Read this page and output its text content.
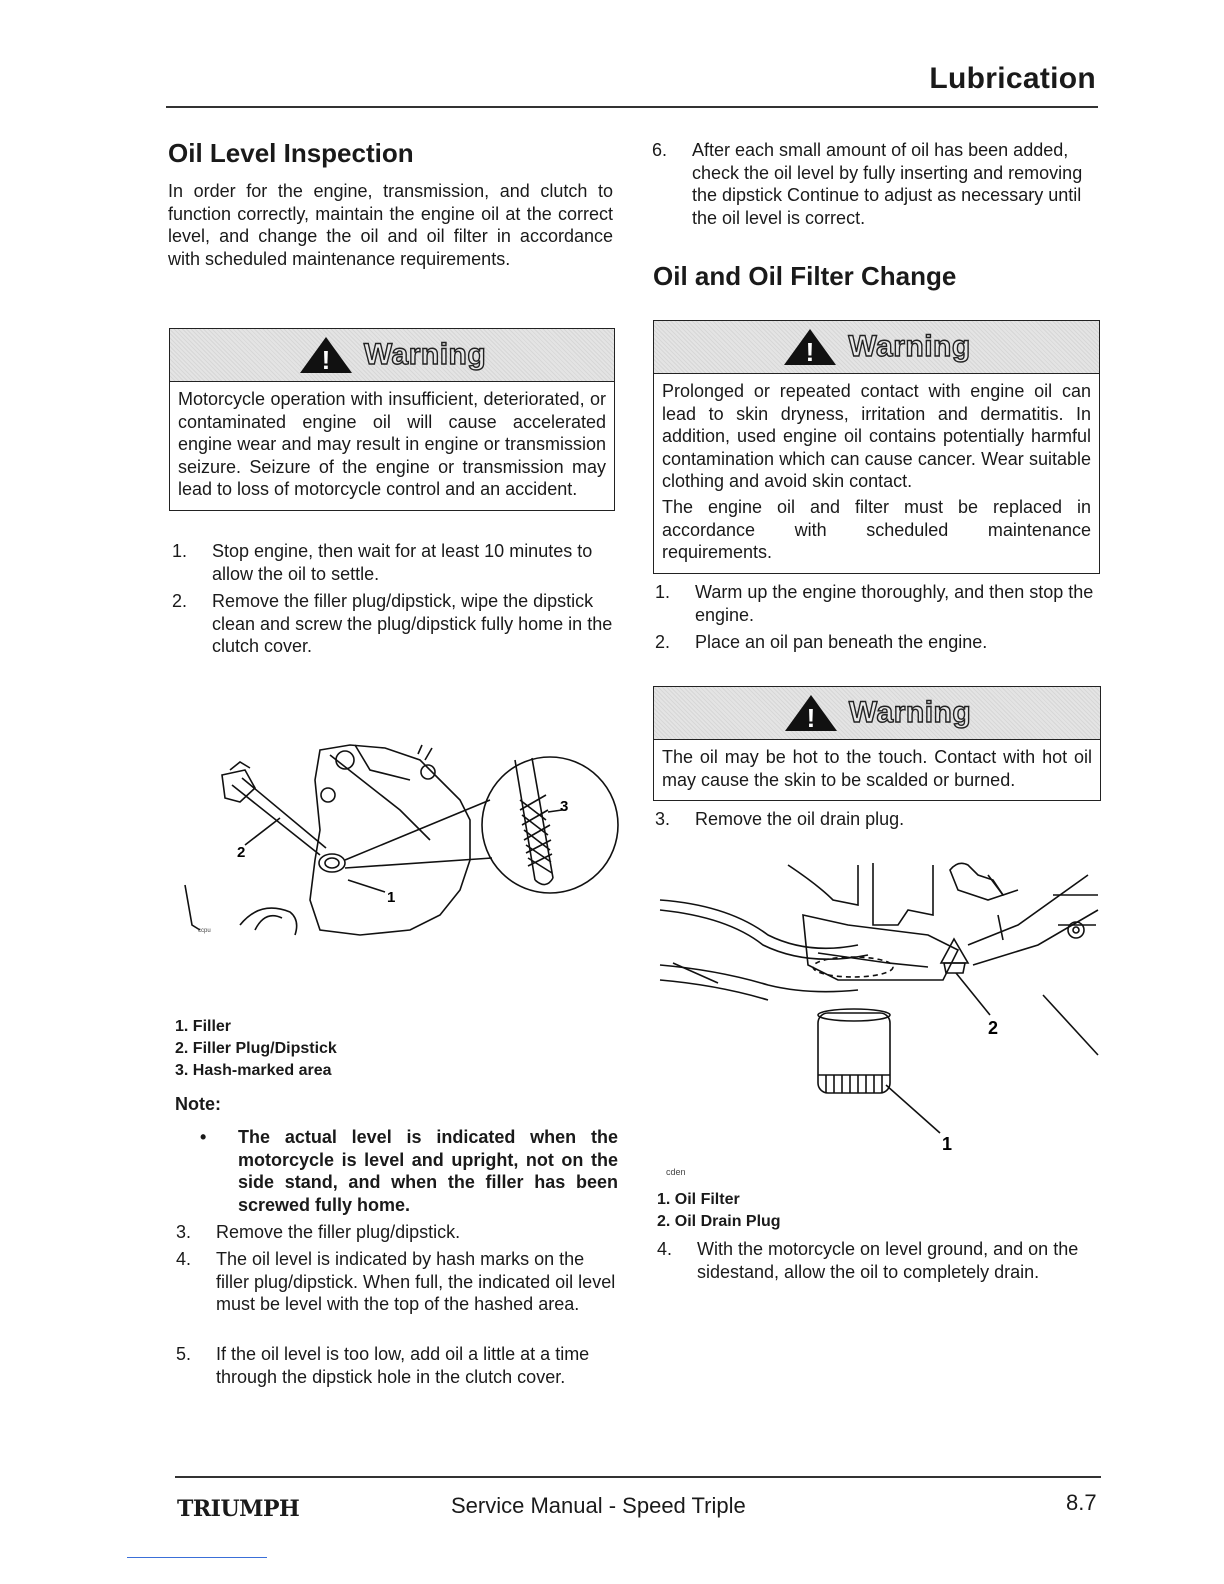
Lubrication
Oil Level Inspection

In order for the engine, transmission, and clutch to function correctly, maintain the engine oil at the correct level, and change the oil and oil filter in accordance with scheduled maintenance requirements.

! Warning

Motorcycle operation with insufficient, deteriorated, or contaminated engine oil will cause accelerated engine wear and may result in engine or transmission seizure. Seizure of the engine or transmission may lead to loss of motorcycle control and an accident.

1. Stop engine, then wait for at least 10 minutes to allow the oil to settle.
2. Remove the filler plug/dipstick, wipe the dipstick clean and screw the plug/dipstick fully home in the clutch cover.
2
1
3
ccpu
1. Filler
2. Filler Plug/Dipstick
3. Hash-marked area
Note:
• The actual level is indicated when the motorcycle is level and upright, not on the side stand, and when the filler has been screwed fully home.
3. Remove the filler plug/dipstick.
4. The oil level is indicated by hash marks on the filler plug/dipstick. When full, the indicated oil level must be level with the top of the hashed area.
5. If the oil level is too low, add oil a little at a time through the dipstick hole in the clutch cover.
6. After each small amount of oil has been added, check the oil level by fully inserting and removing the dipstick Continue to adjust as necessary until the oil level is correct.
Oil and Oil Filter Change
! Warning

Prolonged or repeated contact with engine oil can lead to skin dryness, irritation and dermatitis. In addition, used engine oil contains potentially harmful contamination which can cause cancer. Wear suitable clothing and avoid skin contact.

The engine oil and filter must be replaced in accordance with scheduled maintenance requirements.

1. Warm up the engine thoroughly, and then stop the engine.
2. Place an oil pan beneath the engine.
! Warning

The oil may be hot to the touch. Contact with hot oil may cause the skin to be scalded or burned.

3. Remove the oil drain plug.
2
1
cden
1. Oil Filter
2. Oil Drain Plug
4. With the motorcycle on level ground, and on the sidestand, allow the oil to completely drain.
TRIUMPH	Service Manual - Speed Triple	8.7
